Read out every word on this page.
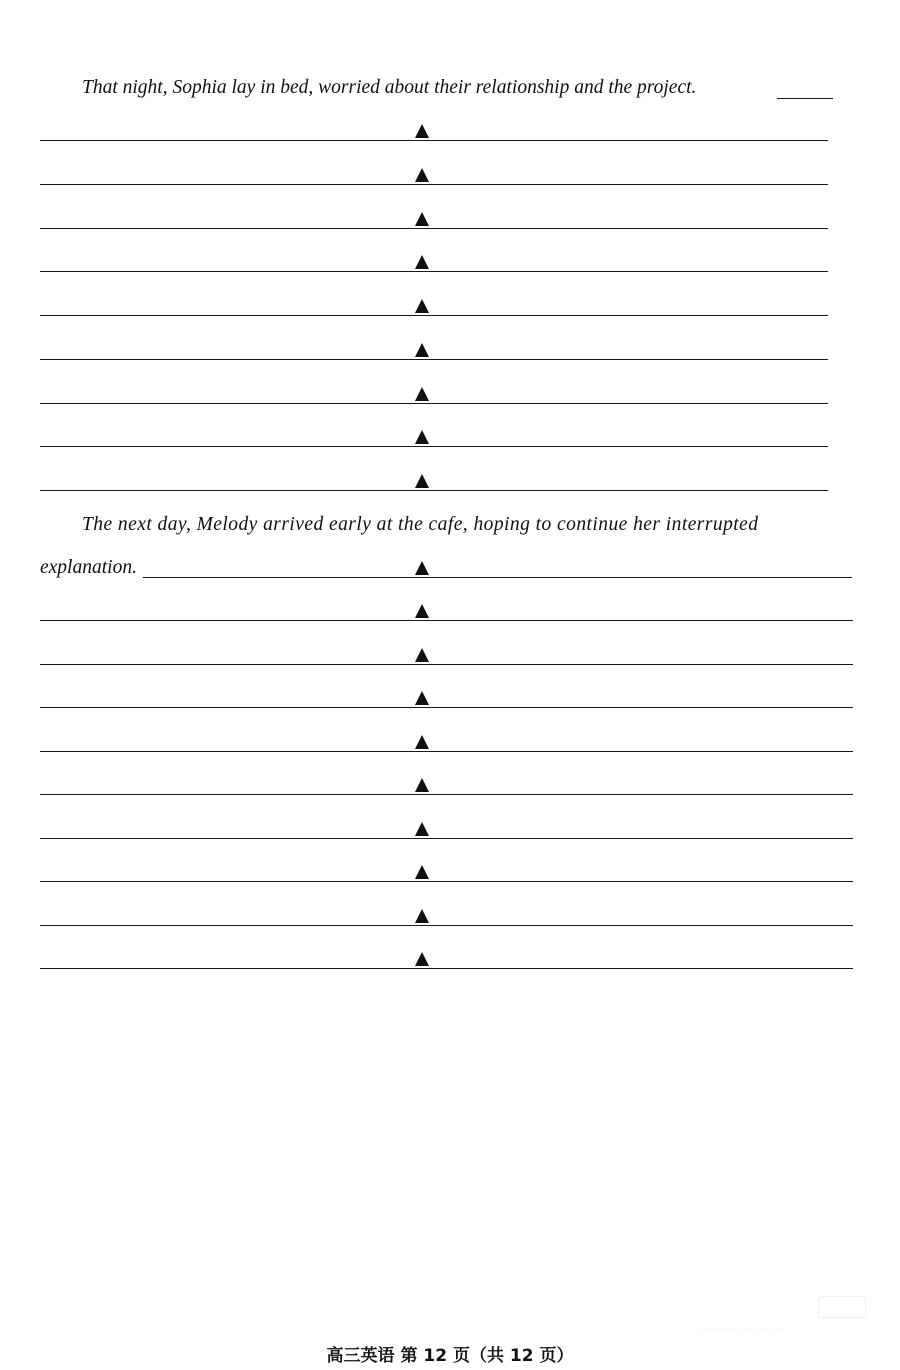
That night, Sophia lay in bed, worried about their relationship and the project.
The next day, Melody arrived early at the cafe, hoping to continue her interrupted
explanation.
高三英语 第 12 页（共 12 页）
〰 〰 〰 〰 〰 〰
